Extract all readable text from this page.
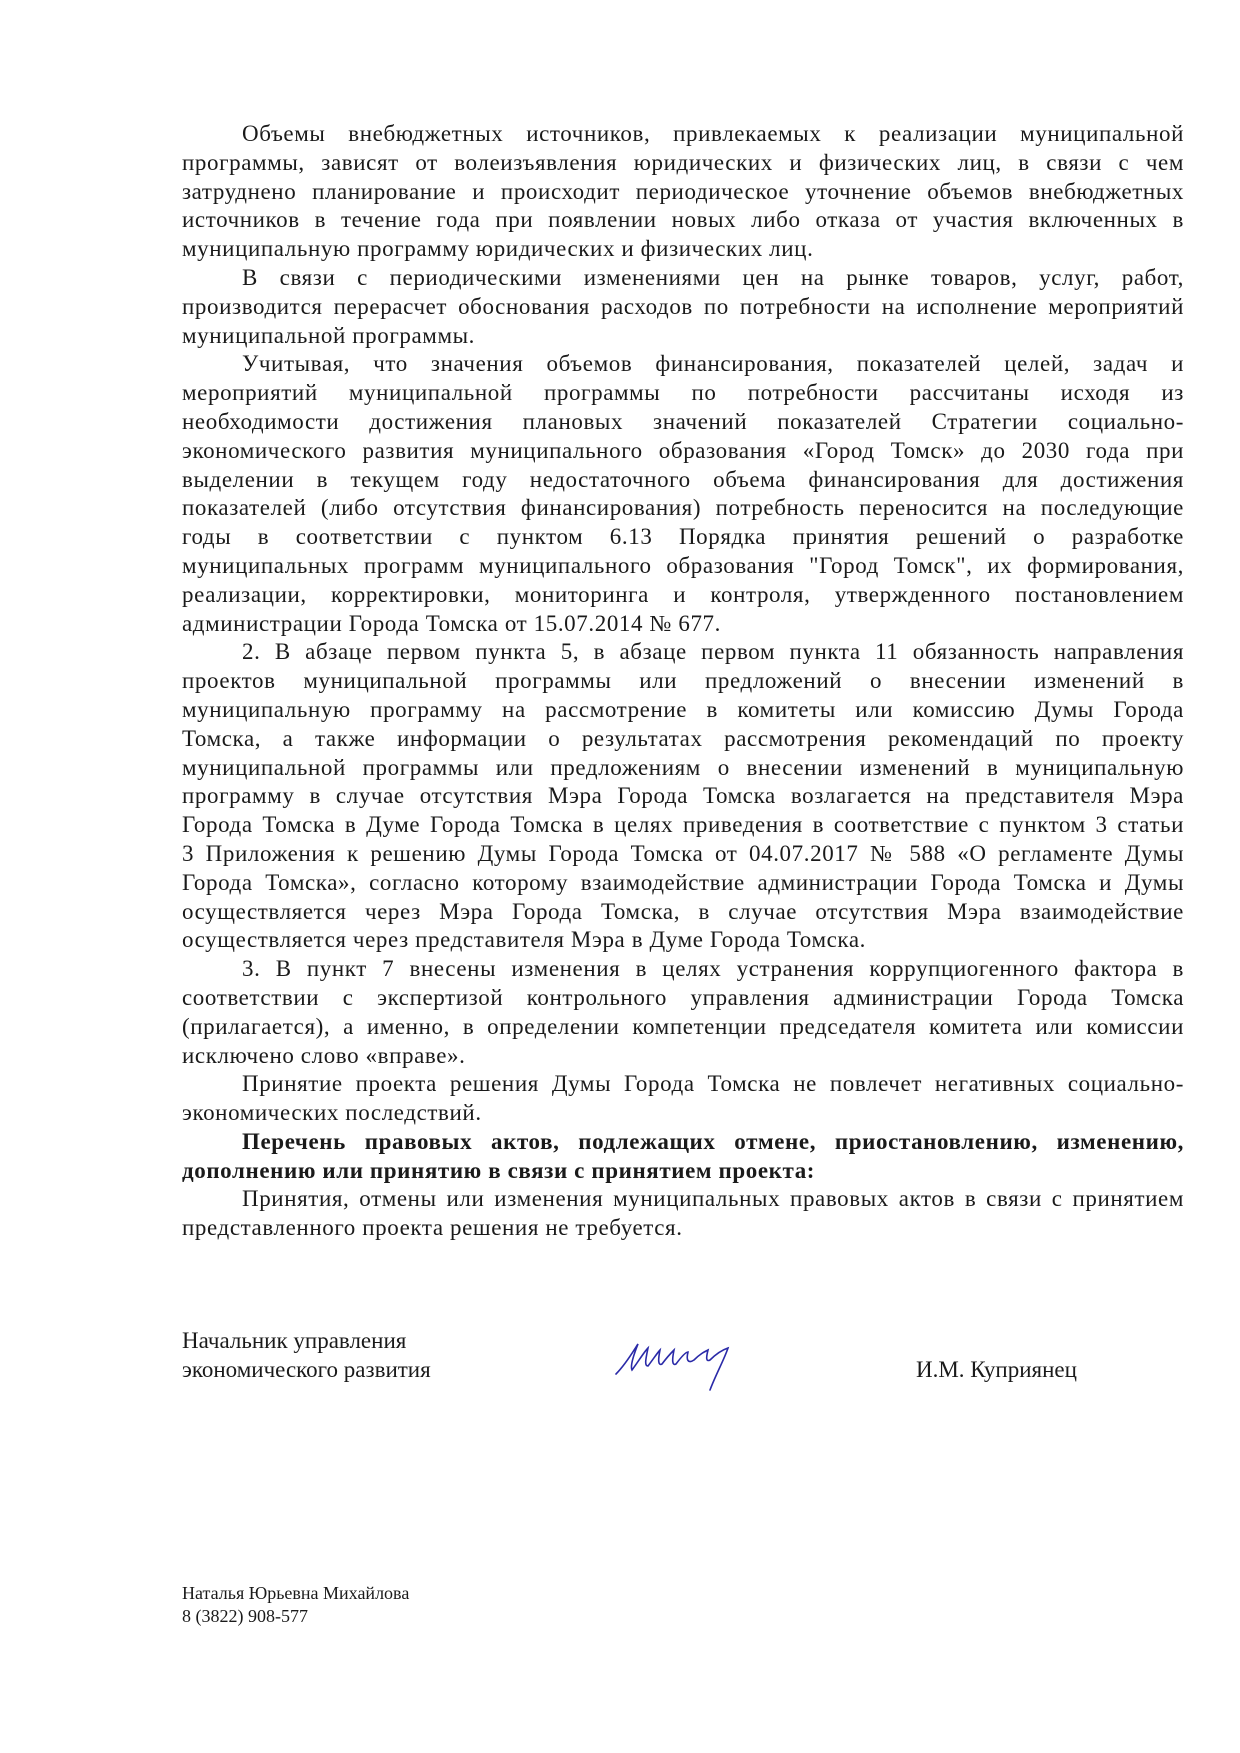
Объемы внебюджетных источников, привлекаемых к реализации муниципальной
программы, зависят от волеизъявления юридических и физических лиц, в связи с чем
затруднено планирование и происходит периодическое уточнение объемов внебюджетных
источников в течение года при появлении новых либо отказа от участия включенных в
муниципальную программу юридических и физических лиц.
В связи с периодическими изменениями цен на рынке товаров, услуг, работ,
производится перерасчет обоснования расходов по потребности на исполнение мероприятий
муниципальной программы.
Учитывая, что значения объемов финансирования, показателей целей, задач и
мероприятий муниципальной программы по потребности рассчитаны исходя из
необходимости достижения плановых значений показателей Стратегии социально-
экономического развития муниципального образования «Город Томск» до 2030 года при
выделении в текущем году недостаточного объема финансирования для достижения
показателей (либо отсутствия финансирования) потребность переносится на последующие
годы в соответствии с пунктом 6.13 Порядка принятия решений о разработке
муниципальных программ муниципального образования "Город Томск", их формирования,
реализации, корректировки, мониторинга и контроля, утвержденного постановлением
администрации Города Томска от 15.07.2014 № 677.
2. В абзаце первом пункта 5, в абзаце первом пункта 11 обязанность направления
проектов муниципальной программы или предложений о внесении изменений в
муниципальную программу на рассмотрение в комитеты или комиссию Думы Города
Томска, а также информации о результатах рассмотрения рекомендаций по проекту
муниципальной программы или предложениям о внесении изменений в муниципальную
программу в случае отсутствия Мэра Города Томска возлагается на представителя Мэра
Города Томска в Думе Города Томска в целях приведения в соответствие с пунктом 3 статьи
3 Приложения к решению Думы Города Томска от 04.07.2017 № 588 «О регламенте Думы
Города Томска», согласно которому взаимодействие администрации Города Томска и Думы
осуществляется через Мэра Города Томска, в случае отсутствия Мэра взаимодействие
осуществляется через представителя Мэра в Думе Города Томска.
3. В пункт 7 внесены изменения в целях устранения коррупциогенного фактора в
соответствии с экспертизой контрольного управления администрации Города Томска
(прилагается), а именно, в определении компетенции председателя комитета или комиссии
исключено слово «вправе».
Принятие проекта решения Думы Города Томска не повлечет негативных социально-
экономических последствий.
Перечень правовых актов, подлежащих отмене, приостановлению, изменению,
дополнению или принятию в связи с принятием проекта:
Принятия, отмены или изменения муниципальных правовых актов в связи с принятием
представленного проекта решения не требуется.
Начальник управления
экономического развития	И.М. Куприянец
Наталья Юрьевна Михайлова
8 (3822) 908-577
